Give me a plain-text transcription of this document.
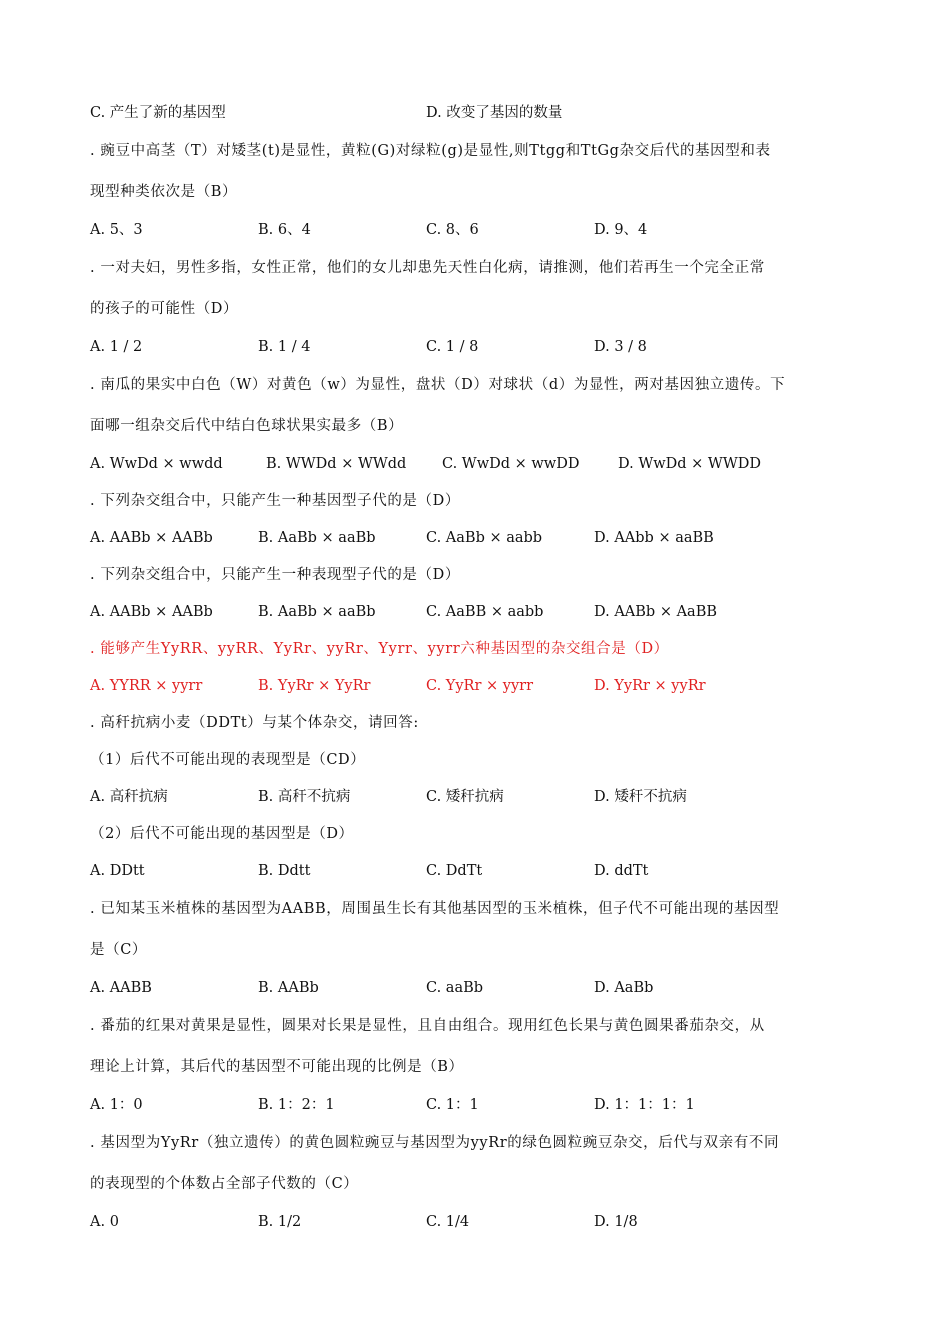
C. 产生了新的基因型	D. 改变了基因的数量
. 豌豆中高茎（T）对矮茎(t)是显性，黄粒(G)对绿粒(g)是显性,则Ttgg和TtGg杂交后代的基因型和表
现型种类依次是（B）
A. 5、3	B. 6、4	C. 8、6	D. 9、4
. 一对夫妇，男性多指，女性正常，他们的女儿却患先天性白化病，请推测，他们若再生一个完全正常
的孩子的可能性（D）
A. 1 / 2	B. 1 / 4	C. 1 / 8	D. 3 / 8
. 南瓜的果实中白色（W）对黄色（w）为显性，盘状（D）对球状（d）为显性，两对基因独立遗传。下
面哪一组杂交后代中结白色球状果实最多（B）
A. WwDd × wwdd	B. WWDd × WWdd C. WwDd × wwDD	D. WwDd × WWDD
. 下列杂交组合中，只能产生一种基因型子代的是（D）
A. AABb × AABb	B. AaBb × aaBb	C. AaBb × aabb	D. AAbb × aaBB
. 下列杂交组合中，只能产生一种表现型子代的是（D）
A. AABb × AABb	B. AaBb × aaBb	C. AaBB × aabb	D. AABb × AaBB
. 能够产生YyRR、yyRR、YyRr、yyRr、Yyrr、yyrr六种基因型的杂交组合是（D）
A. YYRR × yyrr	B. YyRr × YyRr	C. YyRr × yyrr	D. YyRr × yyRr
. 高秆抗病小麦（DDTt）与某个体杂交，请回答:
（1）后代不可能出现的表现型是（CD）
A. 高秆抗病	B. 高秆不抗病	C. 矮秆抗病	D. 矮秆不抗病
（2）后代不可能出现的基因型是（D）
A. DDtt	B. Ddtt	C. DdTt	D. ddTt
. 已知某玉米植株的基因型为AABB，周围虽生长有其他基因型的玉米植株，但子代不可能出现的基因型
是（C）
A. AABB	B. AABb	C. aaBb	D. AaBb
. 番茄的红果对黄果是显性，圆果对长果是显性，且自由组合。现用红色长果与黄色圆果番茄杂交，从
理论上计算，其后代的基因型不可能出现的比例是（B）
A. 1：0	B. 1：2：1	C. 1：1	D. 1：1：1：1
. 基因型为YyRr（独立遗传）的黄色圆粒豌豆与基因型为yyRr的绿色圆粒豌豆杂交，后代与双亲有不同
的表现型的个体数占全部子代数的（C）
A. 0	B. 1/2	C. 1/4	D. 1/8
